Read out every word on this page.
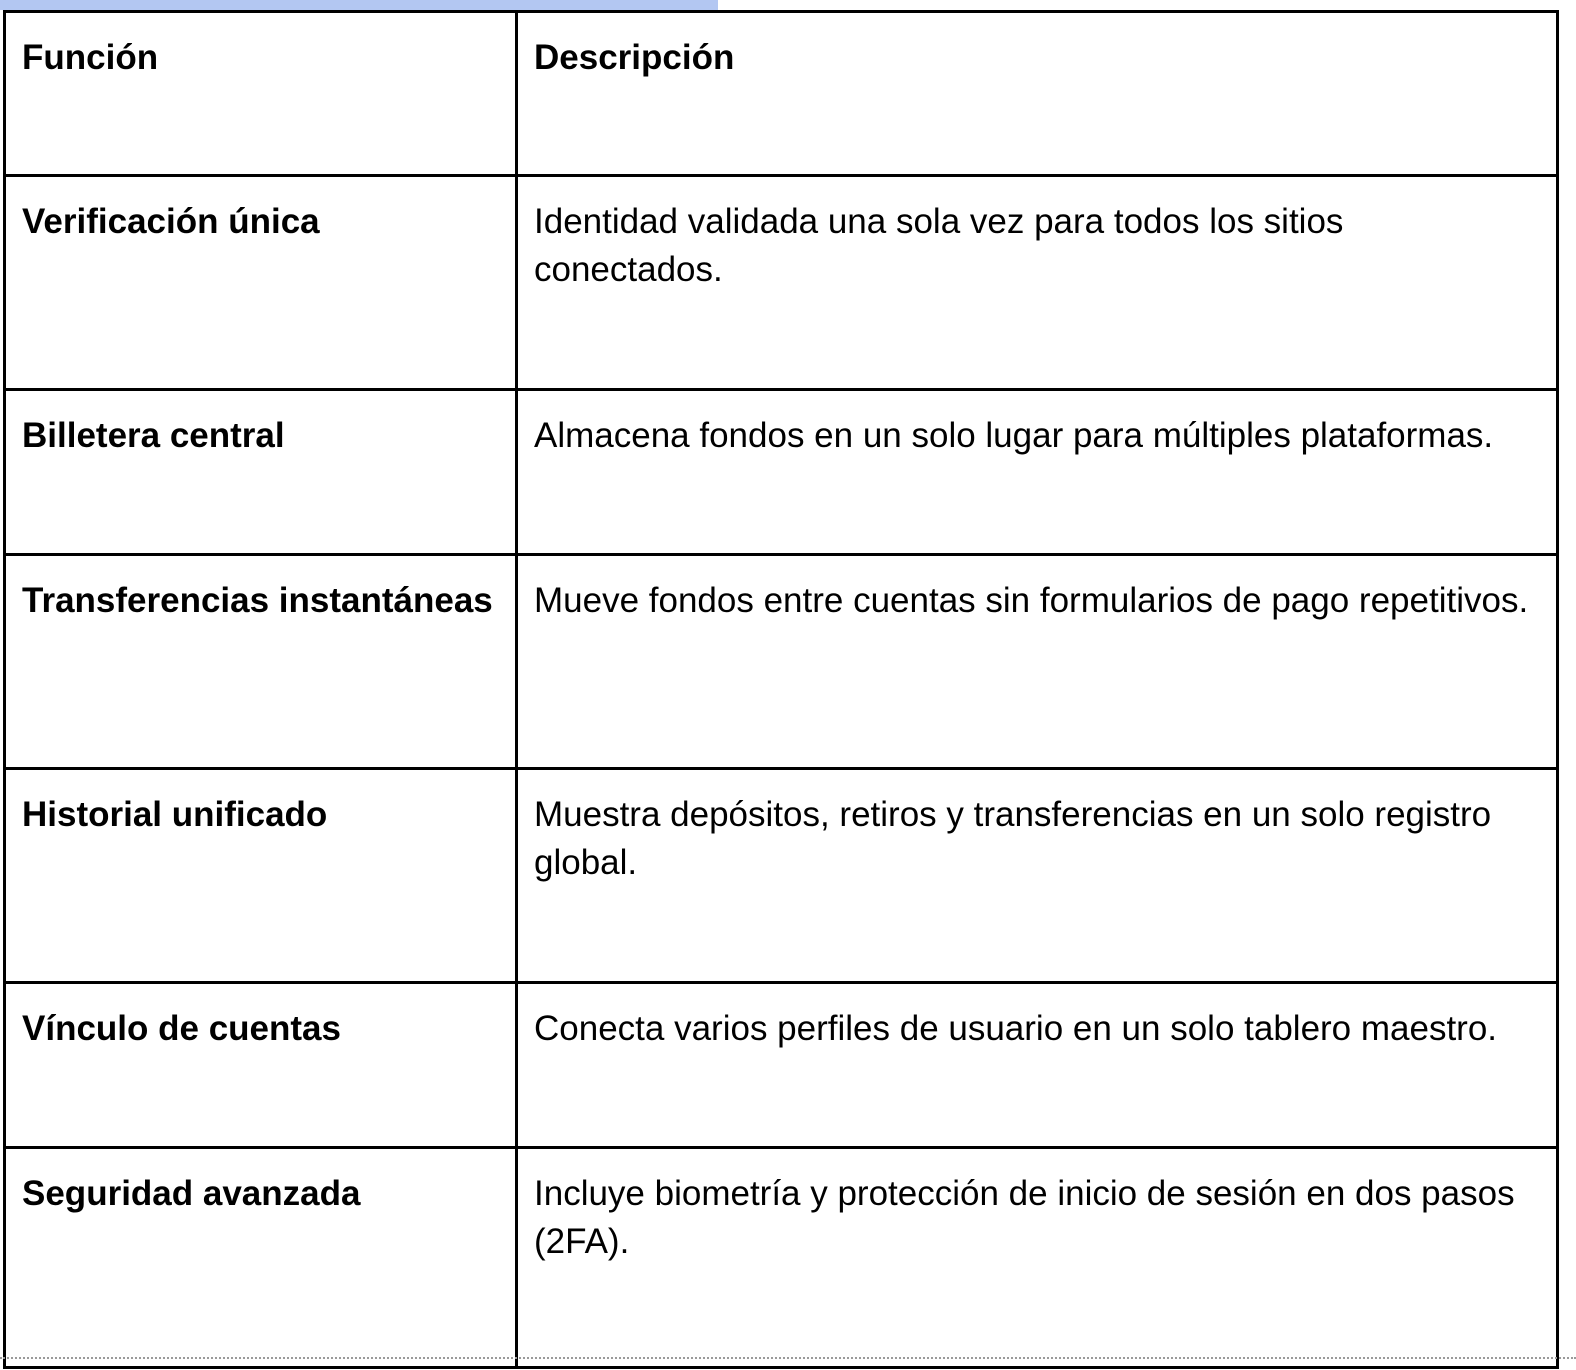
Función	Descripción
Verificación única	Identidad validada una sola vez para todos los sitios conectados.
Billetera central	Almacena fondos en un solo lugar para múltiples plataformas.
Transferencias instantáneas	Mueve fondos entre cuentas sin formularios de pago repetitivos.
Historial unificado	Muestra depósitos, retiros y transferencias en un solo registro global.
Vínculo de cuentas	Conecta varios perfiles de usuario en un solo tablero maestro.
Seguridad avanzada	Incluye biometría y protección de inicio de sesión en dos pasos (2FA).
